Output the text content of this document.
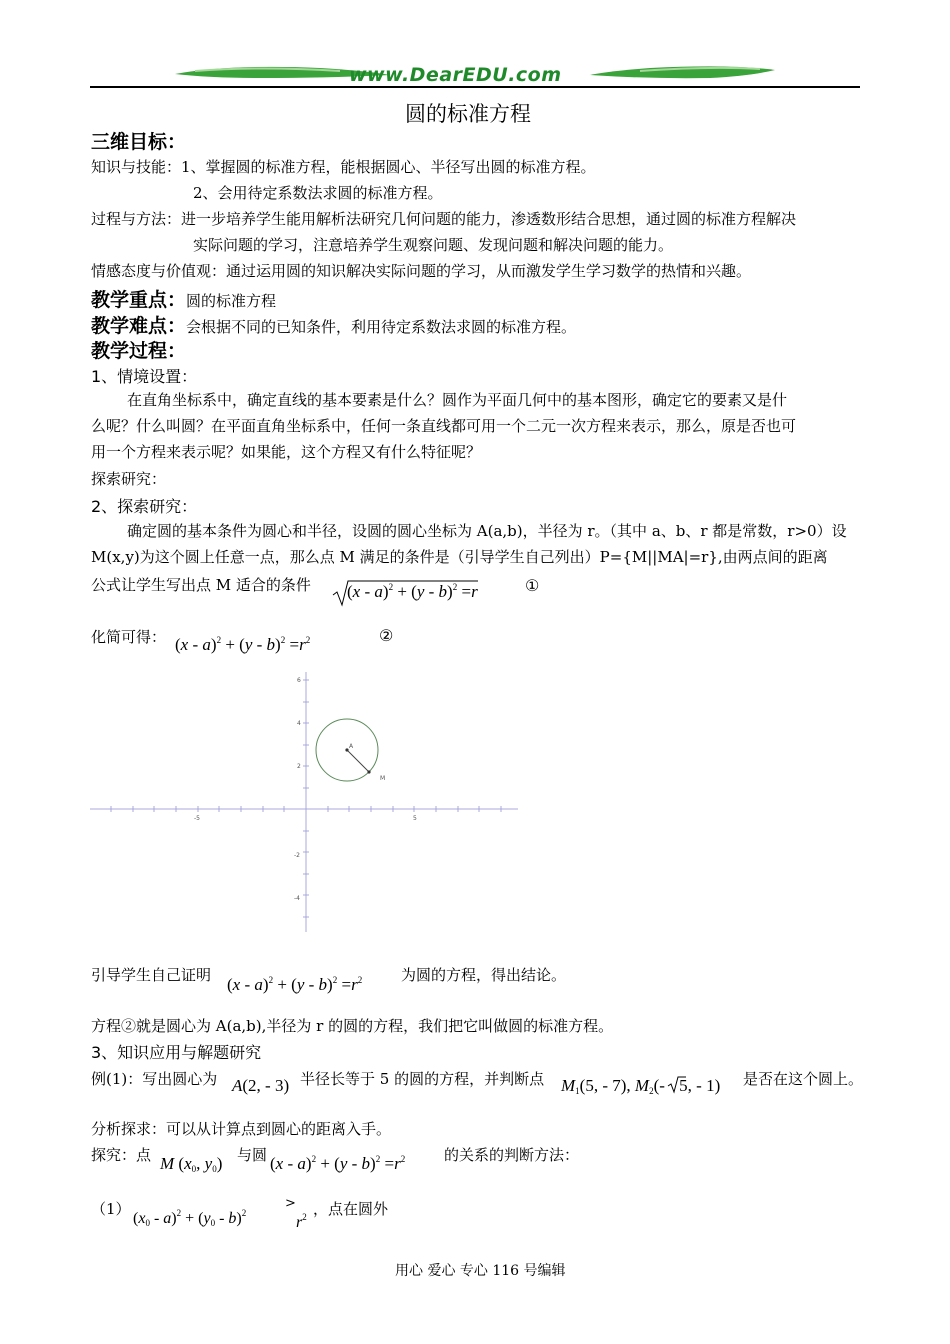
www.DearEDU.com
圆的标准方程
三维目标：
知识与技能：1、掌握圆的标准方程，能根据圆心、半径写出圆的标准方程。
2、会用待定系数法求圆的标准方程。
过程与方法：进一步培养学生能用解析法研究几何问题的能力，渗透数形结合思想，通过圆的标准方程解决
实际问题的学习，注意培养学生观察问题、发现问题和解决问题的能力。
情感态度与价值观：通过运用圆的知识解决实际问题的学习，从而激发学生学习数学的热情和兴趣。
教学重点：圆的标准方程
教学难点：会根据不同的已知条件，利用待定系数法求圆的标准方程。
教学过程：
1、情境设置：
在直角坐标系中，确定直线的基本要素是什么？圆作为平面几何中的基本图形，确定它的要素又是什
么呢？什么叫圆？在平面直角坐标系中，任何一条直线都可用一个二元一次方程来表示，那么，原是否也可
用一个方程来表示呢？如果能，这个方程又有什么特征呢？
探索研究：
2、探索研究：
确定圆的基本条件为圆心和半径，设圆的圆心坐标为 A(a,b)，半径为 r。（其中 a、b、r 都是常数，r>0）设
M(x,y)为这个圆上任意一点，那么点 M 满足的条件是（引导学生自己列出）P={M||MA|=r},由两点间的距离
公式让学生写出点 M 适合的条件 (x - a)$^2$ + (y - b)$^2$ =r	①
化简可得： $(x - a)^2 + (y - b)^2 =r^2$	②
-5	5
6
4
2
-2
-4
A
M
引导学生自己证明 $(x - a)^2 + (y - b)^2 =r^2$	为圆的方程，得出结论。
方程②就是圆心为 A(a,b),半径为 r 的圆的方程，我们把它叫做圆的标准方程。
3、知识应用与解题研究
例(1)：写出圆心为 A(2, - 3) 半径长等于 5 的圆的方程，并判断点 $M_1(5$, - 7), $M_2(-$
5, - 1) 是否在这个圆上。
分析探求：可以从计算点到圆心的距离入手。
探究：点 M ($x_0$, $y_0$) 与圆 $(x - a)^2 + (y - b)^2 =r^2$	的关系的判断方法：
（1）
$(x_0 - a)^2 + (y_0 - b)^2$
>
$r^2$ ，点在圆外
用心 爱心 专心 116 号编辑
